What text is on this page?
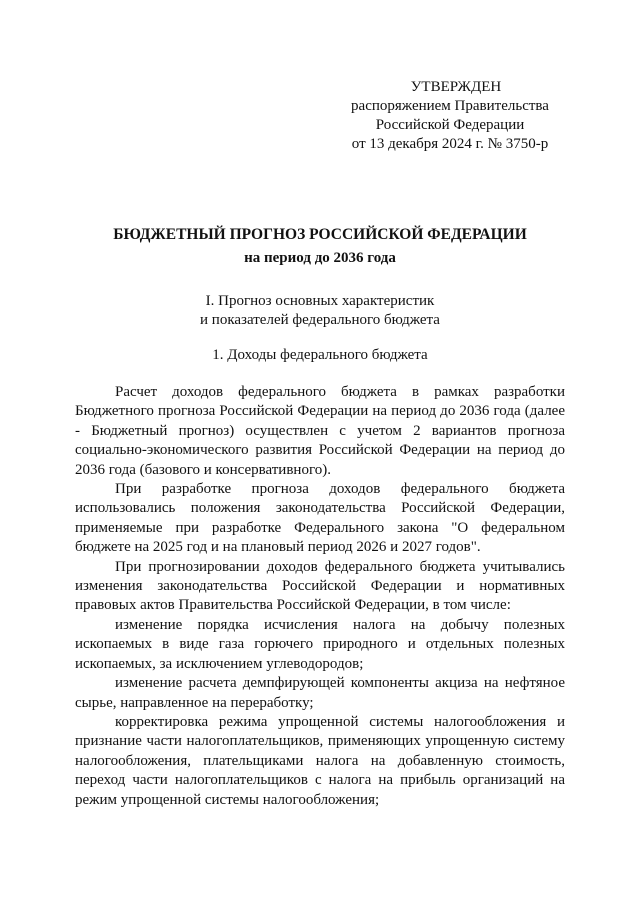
УТВЕРЖДЕН
распоряжением Правительства
Российской Федерации
от 13 декабря 2024 г. № 3750-р
БЮДЖЕТНЫЙ ПРОГНОЗ РОССИЙСКОЙ ФЕДЕРАЦИИ
на период до 2036 года
I. Прогноз основных характеристик
и показателей федерального бюджета
1. Доходы федерального бюджета

Расчет доходов федерального бюджета в рамках разработки Бюджетного прогноза Российской Федерации на период до 2036 года (далее - Бюджетный прогноз) осуществлен с учетом 2 вариантов прогноза социально-экономического развития Российской Федерации на период до 2036 года (базового и консервативного).

При разработке прогноза доходов федерального бюджета использовались положения законодательства Российской Федерации, применяемые при разработке Федерального закона "О федеральном бюджете на 2025 год и на плановый период 2026 и 2027 годов".

При прогнозировании доходов федерального бюджета учитывались изменения законодательства Российской Федерации и нормативных правовых актов Правительства Российской Федерации, в том числе:

изменение порядка исчисления налога на добычу полезных ископаемых в виде газа горючего природного и отдельных полезных ископаемых, за исключением углеводородов;

изменение расчета демпфирующей компоненты акциза на нефтяное сырье, направленное на переработку;

корректировка режима упрощенной системы налогообложения и признание части налогоплательщиков, применяющих упрощенную систему налогообложения, плательщиками налога на добавленную стоимость, переход части налогоплательщиков с налога на прибыль организаций на режим упрощенной системы налогообложения;
